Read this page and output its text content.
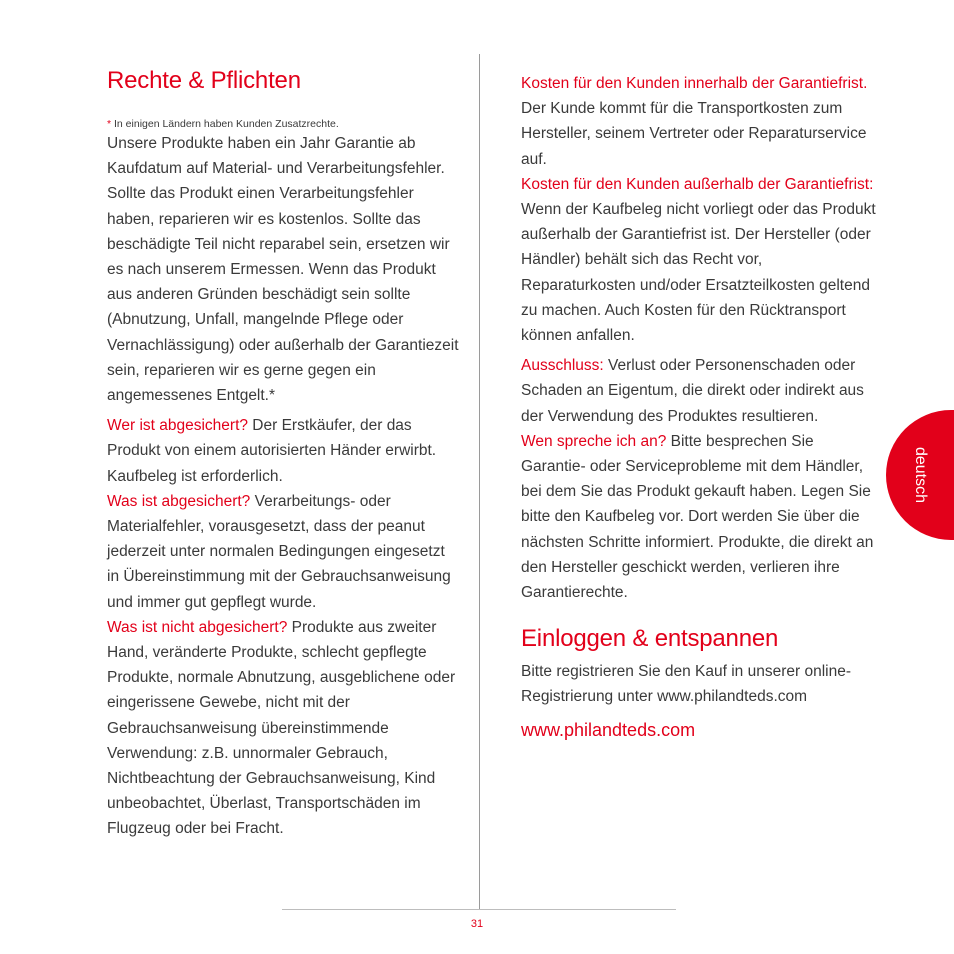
Rechte & Pflichten

* In einigen Ländern haben Kunden Zusatzrechte.

Unsere Produkte haben ein Jahr Garantie ab Kaufdatum auf Material- und Verarbeitungsfehler. Sollte das Produkt einen Verarbeitungsfehler haben, reparieren wir es kostenlos. Sollte das beschädigte Teil nicht reparabel sein, ersetzen wir es nach unserem Ermessen. Wenn das Produkt aus anderen Gründen beschädigt sein sollte (Abnutzung, Unfall, mangelnde Pflege oder Vernachlässigung) oder außerhalb der Garantiezeit sein, reparieren wir es gerne gegen ein angemessenes Entgelt.*

Wer ist abgesichert? Der Erstkäufer, der das Produkt von einem autorisierten Händer erwirbt. Kaufbeleg ist erforderlich.

Was ist abgesichert? Verarbeitungs- oder Materialfehler, vorausgesetzt, dass der peanut jederzeit unter normalen Bedingungen eingesetzt in Übereinstimmung mit der Gebrauchsanweisung und immer gut gepflegt wurde.

Was ist nicht abgesichert? Produkte aus zweiter Hand, veränderte Produkte, schlecht gepflegte Produkte, normale Abnutzung, ausgeblichene oder eingerissene Gewebe, nicht mit der Gebrauchsanweisung übereinstimmende Verwendung: z.B. unnormaler Gebrauch, Nichtbeachtung der Gebrauchsanweisung, Kind unbeobachtet, Überlast, Transportschäden im Flugzeug oder bei Fracht.

Kosten für den Kunden innerhalb der Garantiefrist. Der Kunde kommt für die Transportkosten zum Hersteller, seinem Vertreter oder Reparaturservice auf.

Kosten für den Kunden außerhalb der Garantiefrist: Wenn der Kaufbeleg nicht vorliegt oder das Produkt außerhalb der Garantiefrist ist. Der Hersteller (oder Händler) behält sich das Recht vor, Reparaturkosten und/oder Ersatzteilkosten geltend zu machen. Auch Kosten für den Rücktransport können anfallen.

Ausschluss: Verlust oder Personenschaden oder Schaden an Eigentum, die direkt oder indirekt aus der Verwendung des Produktes resultieren.

Wen spreche ich an? Bitte besprechen Sie Garantie- oder Serviceprobleme mit dem Händler, bei dem Sie das Produkt gekauft haben. Legen Sie bitte den Kaufbeleg vor. Dort werden Sie über die nächsten Schritte informiert. Produkte, die direkt an den Hersteller geschickt werden, verlieren ihre Garantierechte.

Einloggen & entspannen

Bitte registrieren Sie den Kauf in unserer online-Registrierung unter www.philandteds.com

www.philandteds.com

deutsch
31
